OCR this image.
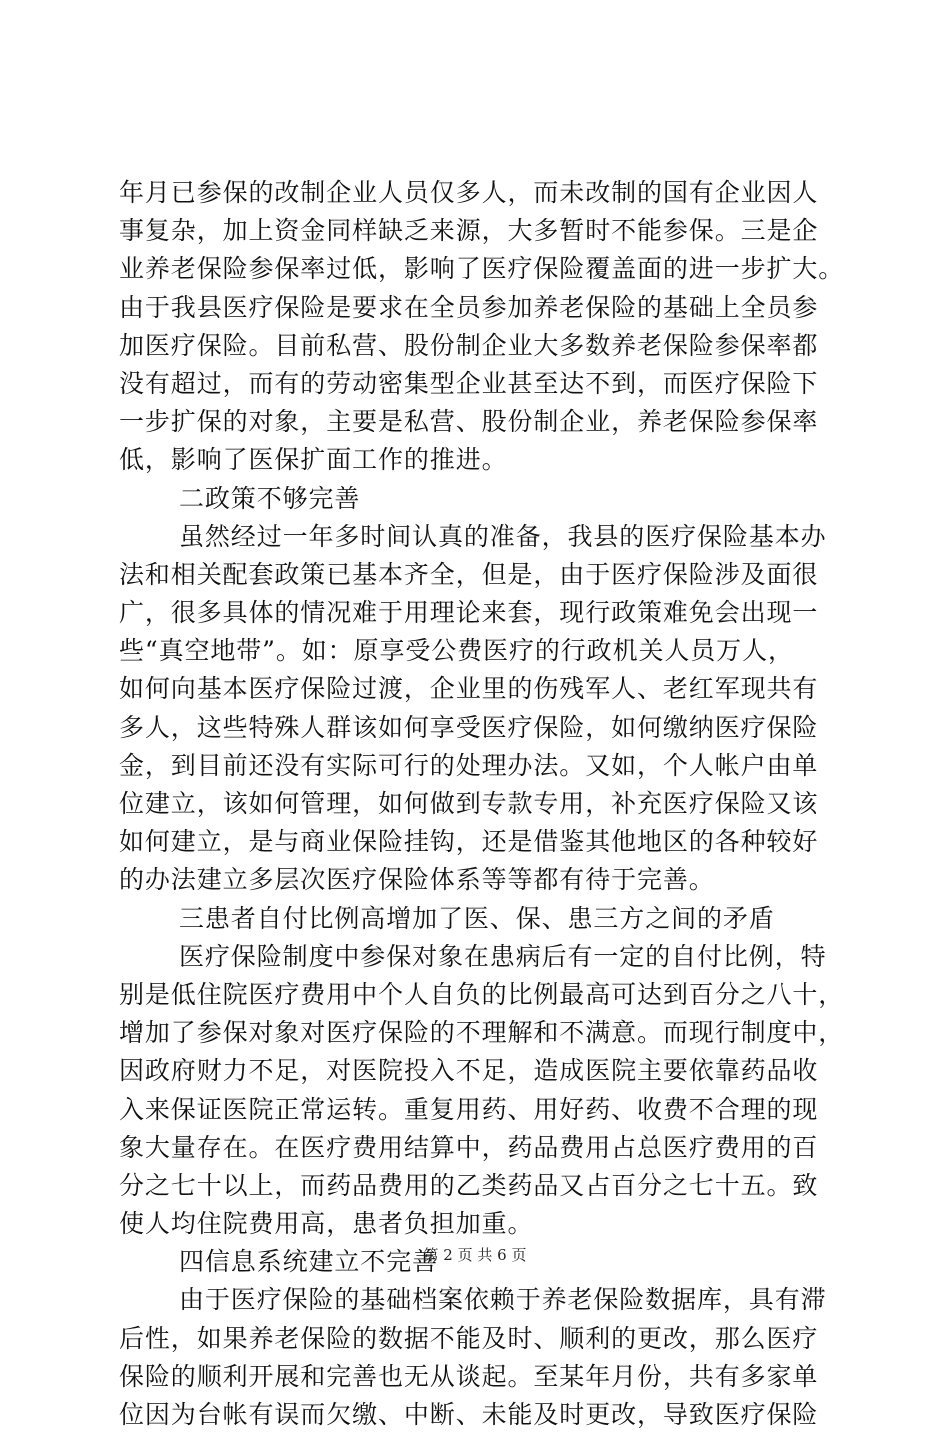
年月已参保的改制企业人员仅多人，而未改制的国有企业因人
事复杂，加上资金同样缺乏来源，大多暂时不能参保。三是企
业养老保险参保率过低，影响了医疗保险覆盖面的进一步扩大。
由于我县医疗保险是要求在全员参加养老保险的基础上全员参
加医疗保险。目前私营、股份制企业大多数养老保险参保率都
没有超过，而有的劳动密集型企业甚至达不到，而医疗保险下
一步扩保的对象，主要是私营、股份制企业，养老保险参保率
低，影响了医保扩面工作的推进。
二政策不够完善
虽然经过一年多时间认真的准备，我县的医疗保险基本办
法和相关配套政策已基本齐全，但是，由于医疗保险涉及面很
广，很多具体的情况难于用理论来套，现行政策难免会出现一
些“真空地带”。如：原享受公费医疗的行政机关人员万人，
如何向基本医疗保险过渡，企业里的伤残军人、老红军现共有
多人，这些特殊人群该如何享受医疗保险，如何缴纳医疗保险
金，到目前还没有实际可行的处理办法。又如，个人帐户由单
位建立，该如何管理，如何做到专款专用，补充医疗保险又该
如何建立，是与商业保险挂钩，还是借鉴其他地区的各种较好
的办法建立多层次医疗保险体系等等都有待于完善。
三患者自付比例高增加了医、保、患三方之间的矛盾
医疗保险制度中参保对象在患病后有一定的自付比例，特
别是低住院医疗费用中个人自负的比例最高可达到百分之八十，
增加了参保对象对医疗保险的不理解和不满意。而现行制度中，
因政府财力不足，对医院投入不足，造成医院主要依靠药品收
入来保证医院正常运转。重复用药、用好药、收费不合理的现
象大量存在。在医疗费用结算中，药品费用占总医疗费用的百
分之七十以上，而药品费用的乙类药品又占百分之七十五。致
使人均住院费用高，患者负担加重。
四信息系统建立不完善
由于医疗保险的基础档案依赖于养老保险数据库，具有滞
后性，如果养老保险的数据不能及时、顺利的更改，那么医疗
保险的顺利开展和完善也无从谈起。至某年月份，共有多家单
位因为台帐有误而欠缴、中断、未能及时更改，导致医疗保险
第 2 页 共 6 页
